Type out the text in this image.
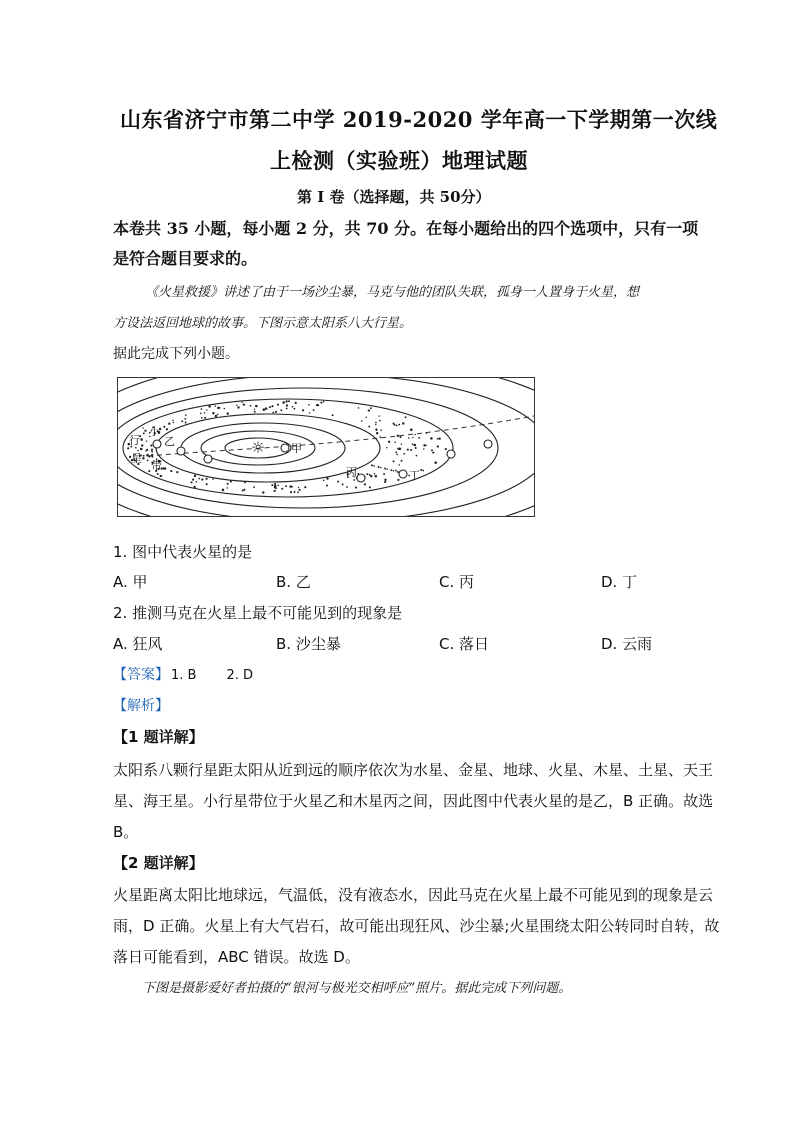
山东省济宁市第二中学 2019-2020 学年高一下学期第一次线
上检测（实验班）地理试题
第 I 卷（选择题，共 50分）
本卷共 35 小题，每小题 2 分，共 70 分。在每小题给出的四个选项中，只有一项
是符合题目要求的。
《火星救援》讲述了由于一场沙尘暴，马克与他的团队失联，孤身一人置身于火星，想
方设法返回地球的故事。下图示意太阳系八大行星。
据此完成下列小题。
☼ 甲
乙
丙	丁
小
行
星
带
1. 图中代表火星的是
A. 甲	B. 乙	C. 丙	D. 丁
2. 推测马克在火星上最不可能见到的现象是
A. 狂风	B. 沙尘暴	C. 落日	D. 云雨
【答案】 1. B 2. D
【解析】
【1 题详解】
太阳系八颗行星距太阳从近到远的顺序依次为水星、金星、地球、火星、木星、土星、天王
星、海王星。小行星带位于火星乙和木星丙之间，因此图中代表火星的是乙，B 正确。故选
B。
【2 题详解】
火星距离太阳比地球远，气温低，没有液态水，因此马克在火星上最不可能见到的现象是云
雨，D 正确。火星上有大气岩石，故可能出现狂风、沙尘暴;火星围绕太阳公转同时自转，故
落日可能看到，ABC 错误。故选 D。
下图是摄影爱好者拍摄的“银河与极光交相呼应”照片。据此完成下列问题。
